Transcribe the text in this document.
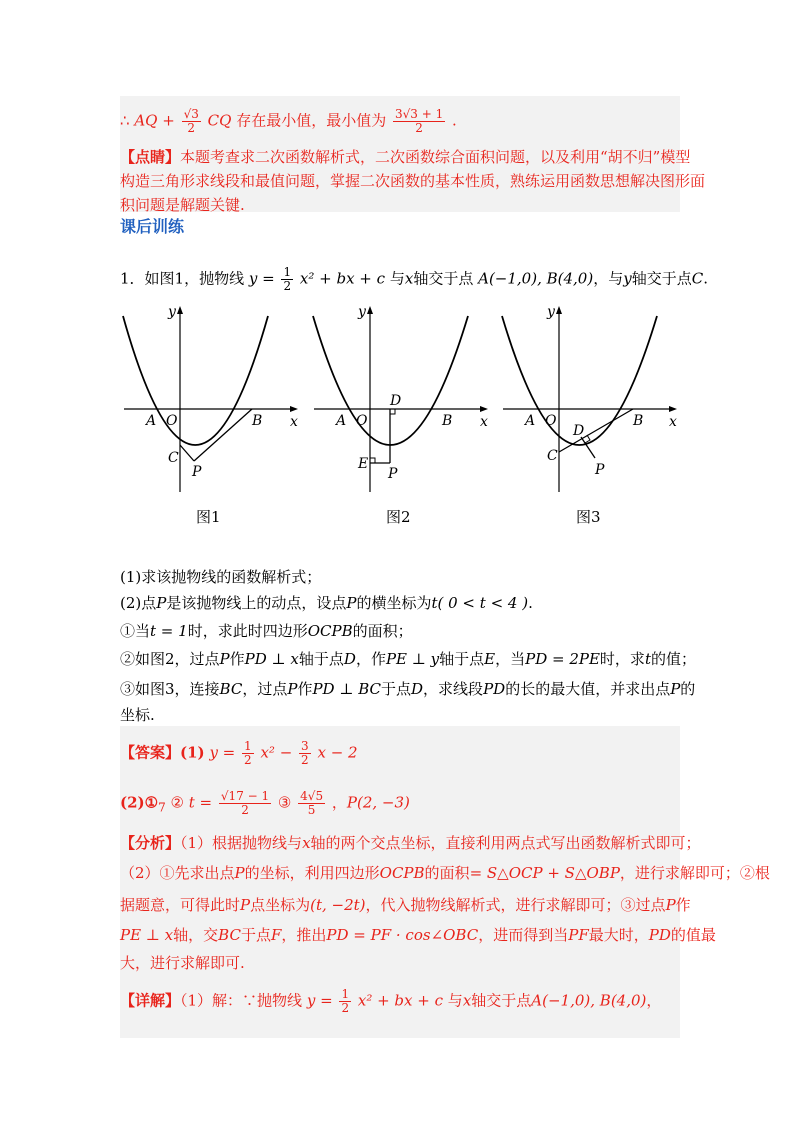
∴ AQ + $\frac{√3}{2}$ CQ 存在最小值，最小值为 $\frac{3√3 + 1}{2}$ .
【点睛】本题考查求二次函数解析式，二次函数综合面积问题，以及利用“胡不归”模型
构造三角形求线段和最值问题，掌握二次函数的基本性质，熟练运用函数思想解决图形面
积问题是解题关键.
课后训练
1．如图1，抛物线 $y = \frac{1}{2} x^2$ + bx + c 与x轴交于点 A(−1,0), B(4,0)，与y轴交于点C.
y
x
A O	B
C
P
y
x
A O	B
D
E
P
y
x
A O	B
D
C
P
图1	图2	图3
(1)求该抛物线的函数解析式；
(2)点P是该抛物线上的动点，设点P的横坐标为t( 0 < t < 4 ).
①当t = 1时，求此时四边形OCPB的面积；
②如图2，过点P作PD ⊥ x轴于点D，作PE ⊥ y轴于点E，当PD = 2PE时，求t的值；
③如图3，连接BC，过点P作PD ⊥ BC于点D，求线段PD的长的最大值，并求出点P的
坐标.
【答案】(1) $y = \frac{1}{2} x^2 - \frac{3}{2}$ x − 2
$(2)①_7$ ② $t = \frac{√17 - 1}{2}$ ③ $\frac{4√5}{5}$ ，P(2, −3)
【分析】（1）根据抛物线与x轴的两个交点坐标，直接利用两点式写出函数解析式即可；
（2）①先求出点P的坐标，利用四边形OCPB的面积= S△OCP + S△OBP，进行求解即可；②根
据题意，可得此时P点坐标为(t, −2t)，代入抛物线解析式，进行求解即可；③过点P作
PE ⊥ x轴，交BC于点F，推出PD = PF · cos∠OBC，进而得到当PF最大时，PD的值最
大，进行求解即可.
【详解】（1）解：∵抛物线 $y = \frac{1}{2} x^2$ + bx + c 与x轴交于点A(−1,0), B(4,0)，
